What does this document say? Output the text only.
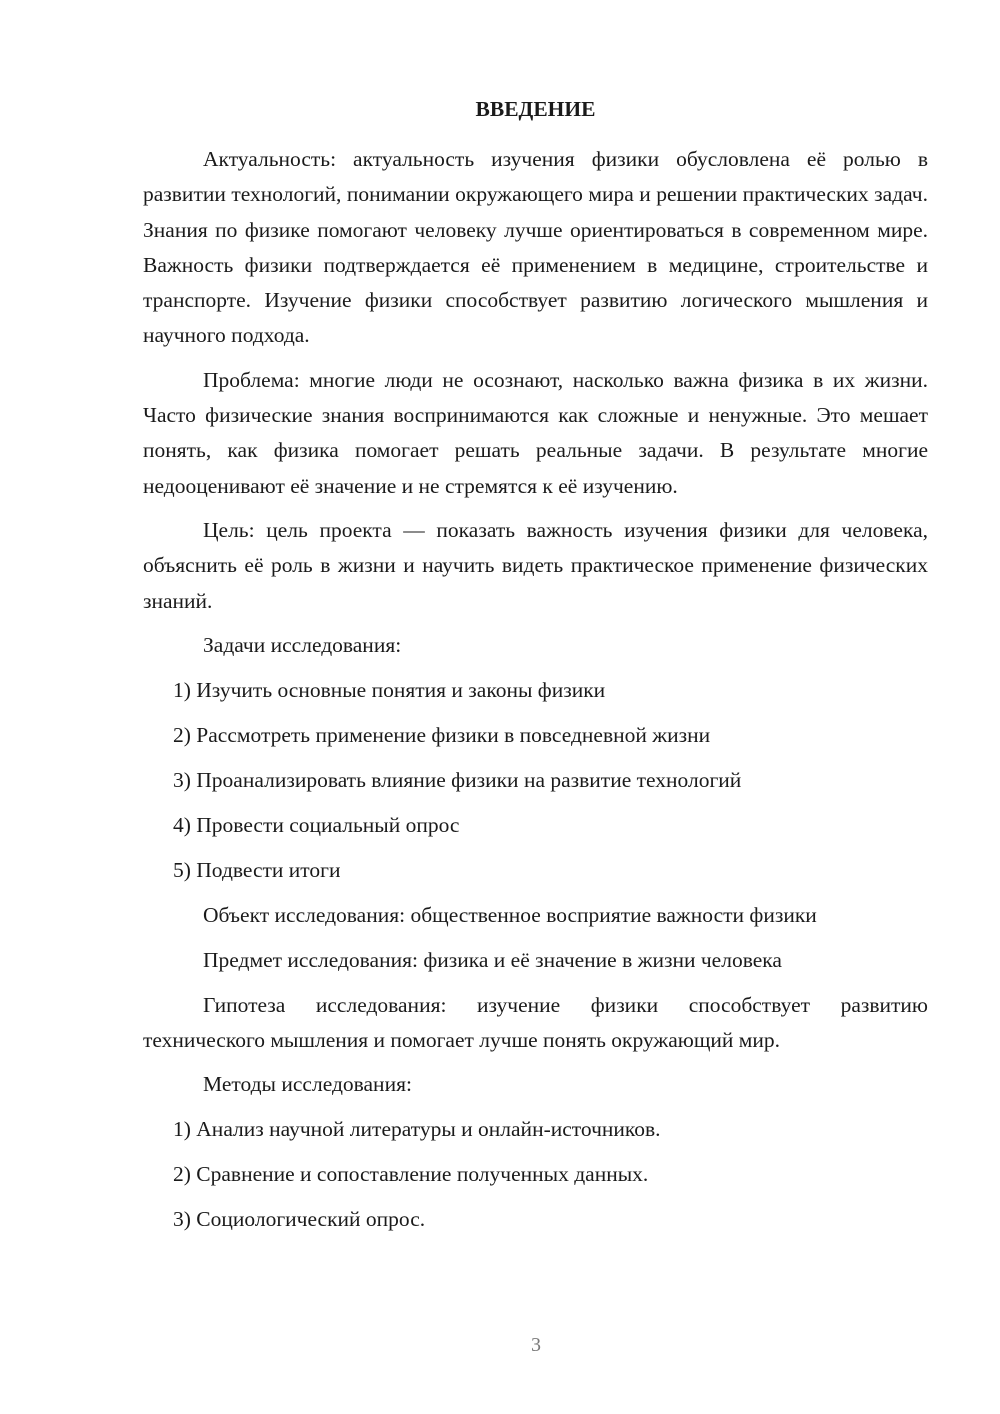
ВВЕДЕНИЕ
Актуальность: актуальность изучения физики обусловлена её ролью в развитии технологий, понимании окружающего мира и решении практических задач. Знания по физике помогают человеку лучше ориентироваться в современном мире. Важность физики подтверждается её применением в медицине, строительстве и транспорте. Изучение физики способствует развитию логического мышления и научного подхода.
Проблема: многие люди не осознают, насколько важна физика в их жизни. Часто физические знания воспринимаются как сложные и ненужные. Это мешает понять, как физика помогает решать реальные задачи. В результате многие недооценивают её значение и не стремятся к её изучению.
Цель: цель проекта — показать важность изучения физики для человека, объяснить её роль в жизни и научить видеть практическое применение физических знаний.
Задачи исследования:
1) Изучить основные понятия и законы физики
2) Рассмотреть применение физики в повседневной жизни
3) Проанализировать влияние физики на развитие технологий
4) Провести социальный опрос
5) Подвести итоги
Объект исследования: общественное восприятие важности физики
Предмет исследования: физика и её значение в жизни человека
Гипотеза исследования: изучение физики способствует развитию технического мышления и помогает лучше понять окружающий мир.
Методы исследования:
1) Анализ научной литературы и онлайн-источников.
2) Сравнение и сопоставление полученных данных.
3) Социологический опрос.
3
